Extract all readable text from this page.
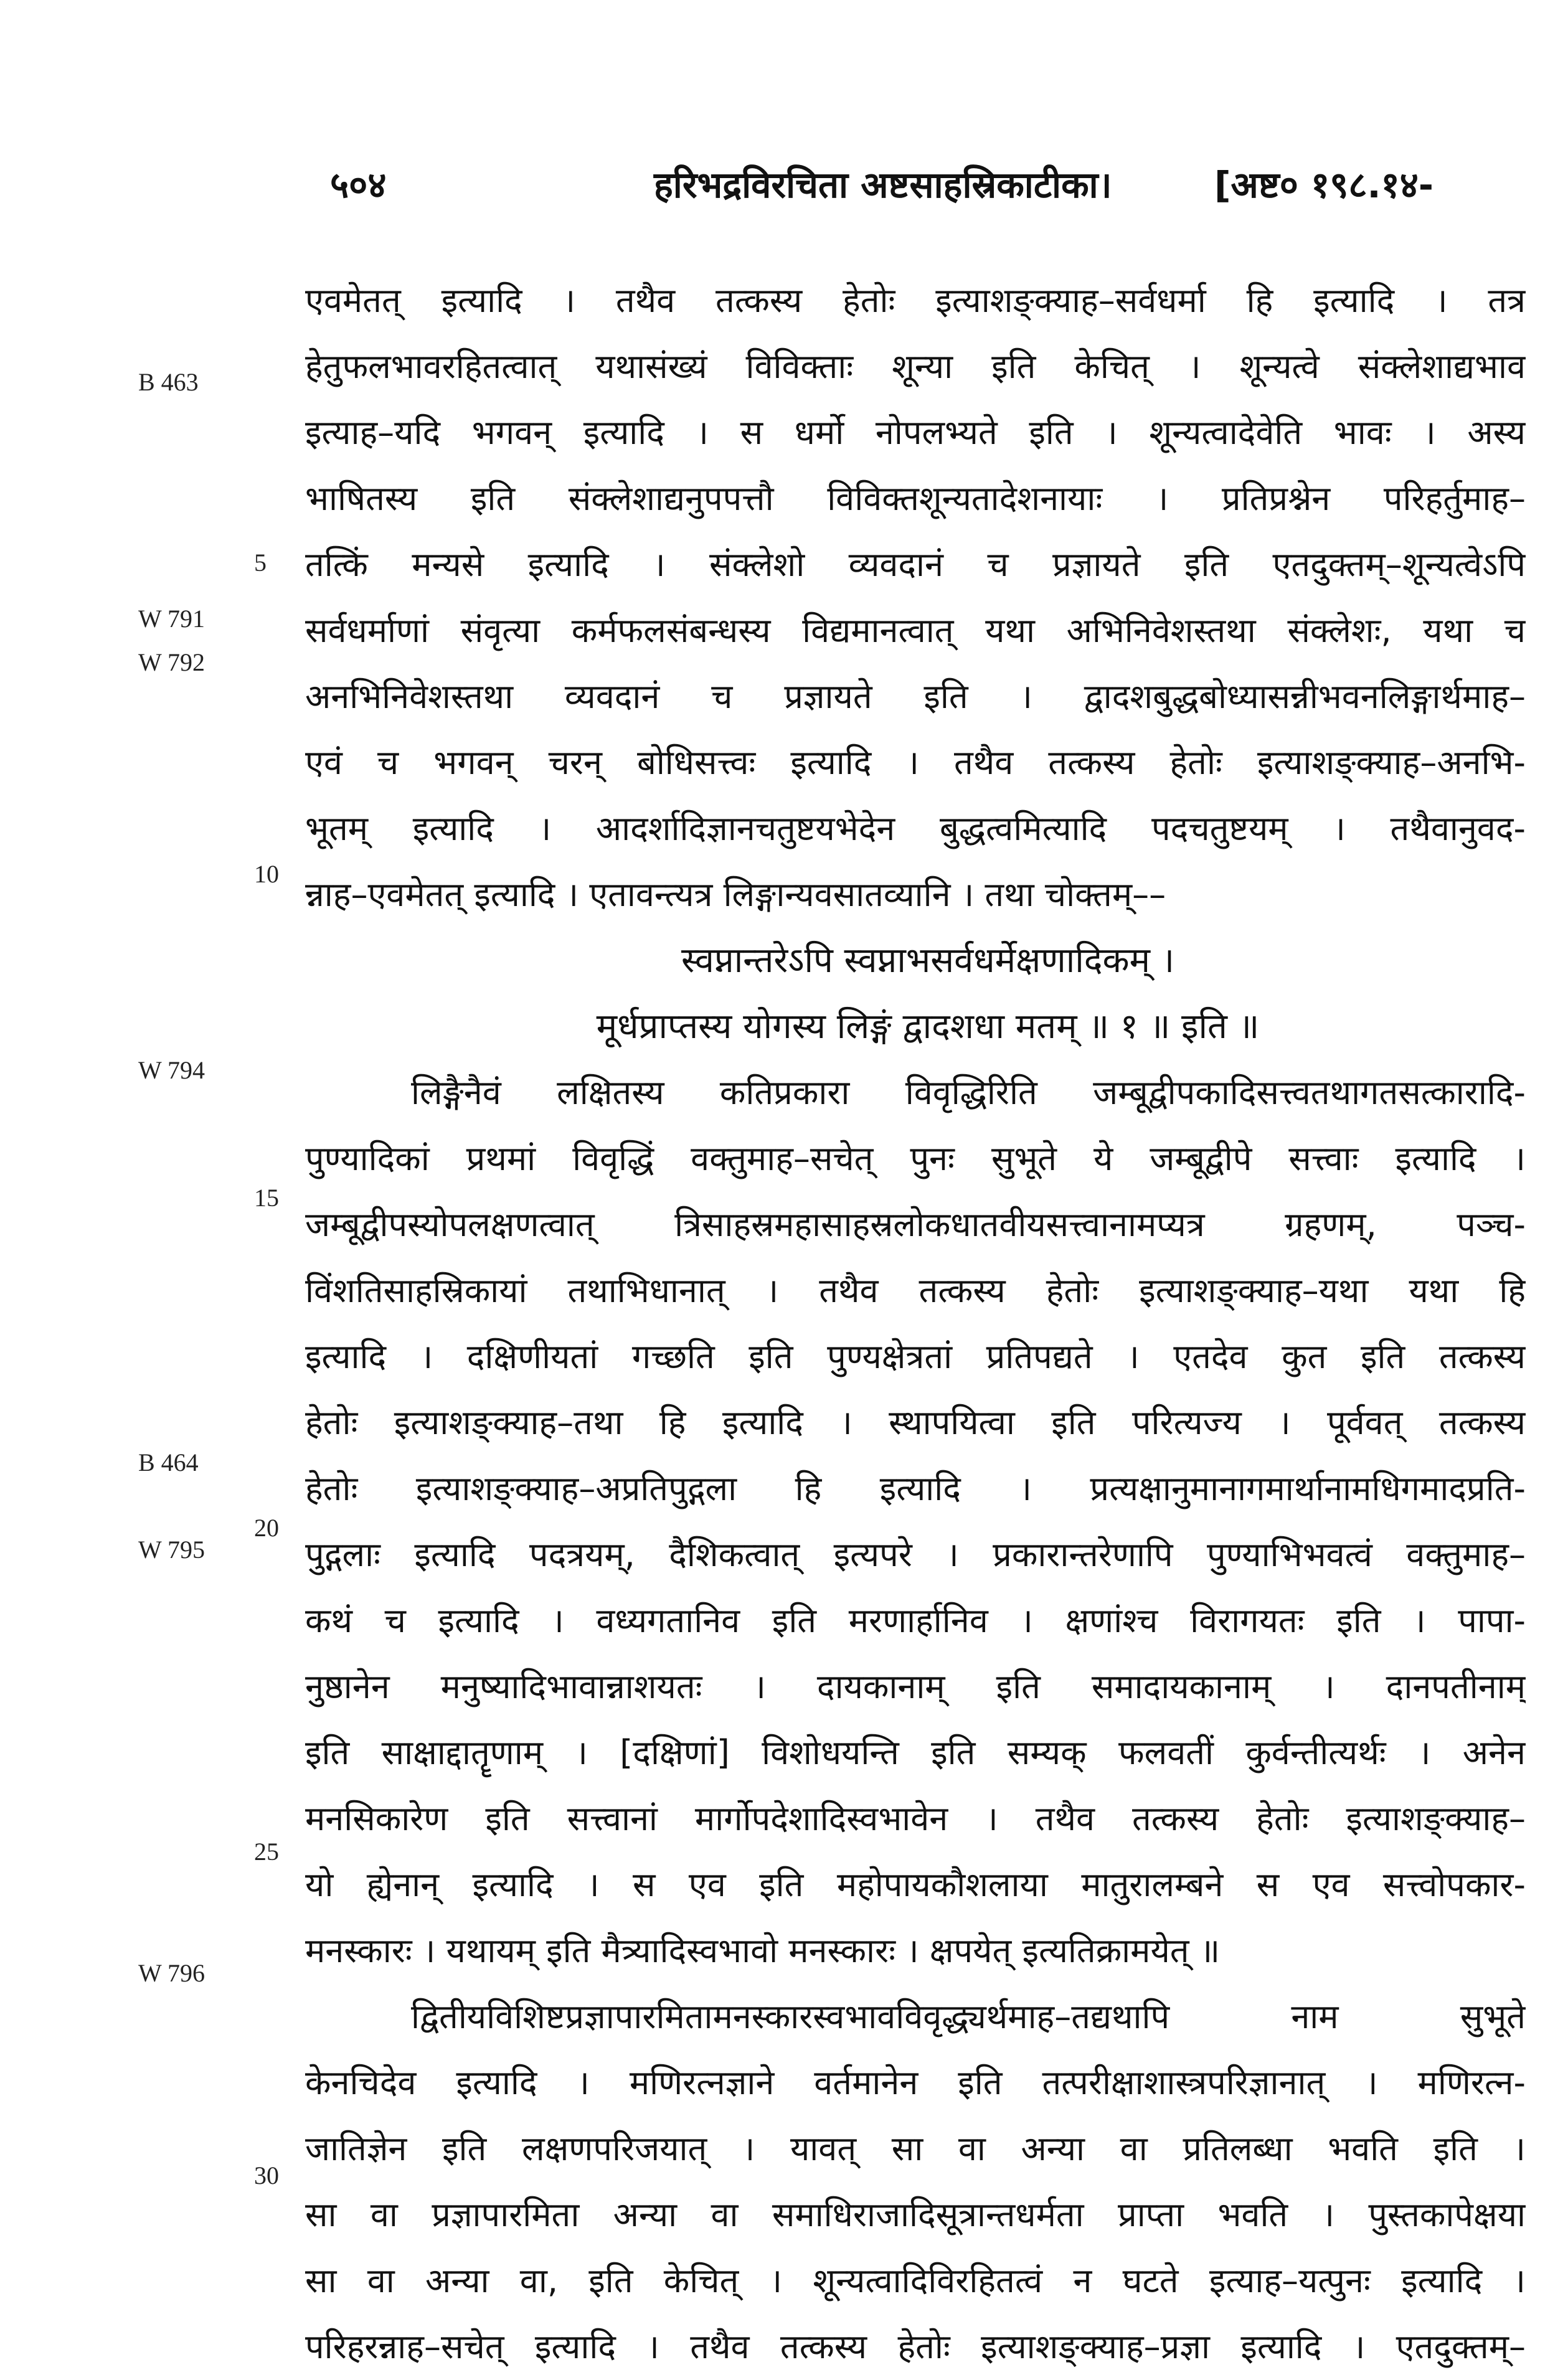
५०४	हरिभद्रविरचिता अष्टसाहस्रिकाटीका।	[अष्ट० १९८.१४-
B 463
W 791
W 792
W 794
B 464
W 795
W 796
5
10
15
20
25
30
एवमेतत् इत्यादि । तथैव तत्कस्य हेतोः इत्याशङ्क्याह–सर्वधर्मा हि इत्यादि । तत्र
हेतुफलभावरहितत्वात् यथासंख्यं विविक्ताः शून्या इति केचित् । शून्यत्वे संक्लेशाद्यभाव
इत्याह–यदि भगवन् इत्यादि । स धर्मो नोपलभ्यते इति । शून्यत्वादेवेति भावः । अस्य
भाषितस्य इति संक्लेशाद्यनुपपत्तौ विविक्तशून्यतादेशनायाः । प्रतिप्रश्नेन परिहर्तुमाह–
तत्किं मन्यसे इत्यादि । संक्लेशो व्यवदानं च प्रज्ञायते इति एतदुक्तम्–शून्यत्वेऽपि
सर्वधर्माणां संवृत्या कर्मफलसंबन्धस्य विद्यमानत्वात् यथा अभिनिवेशस्तथा संक्लेशः, यथा च
अनभिनिवेशस्तथा व्यवदानं च प्रज्ञायते इति । द्वादशबुद्धबोध्यासन्नीभवनलिङ्गार्थमाह–
एवं च भगवन् चरन् बोधिसत्त्वः इत्यादि । तथैव तत्कस्य हेतोः इत्याशङ्क्याह–अनभि-
भूतम् इत्यादि । आदर्शादिज्ञानचतुष्टयभेदेन बुद्धत्वमित्यादि पदचतुष्टयम् । तथैवानुवद-
न्नाह–एवमेतत् इत्यादि । एतावन्त्यत्र लिङ्गान्यवसातव्यानि । तथा चोक्तम्––
स्वप्नान्तरेऽपि स्वप्नाभसर्वधर्मेक्षणादिकम् ।
मूर्धप्राप्तस्य योगस्य लिङ्गं द्वादशधा मतम् ॥ १ ॥ इति ॥
लिङ्गैनैवं लक्षितस्य कतिप्रकारा विवृद्धिरिति जम्बूद्वीपकादिसत्त्वतथागतसत्कारादि-
पुण्यादिकां प्रथमां विवृद्धिं वक्तुमाह–सचेत् पुनः सुभूते ये जम्बूद्वीपे सत्त्वाः इत्यादि ।
जम्बूद्वीपस्योपलक्षणत्वात् त्रिसाहस्रमहासाहस्रलोकधातवीयसत्त्वानामप्यत्र ग्रहणम्, पञ्च-
विंशतिसाहस्रिकायां तथाभिधानात् । तथैव तत्कस्य हेतोः इत्याशङ्क्याह–यथा यथा हि
इत्यादि । दक्षिणीयतां गच्छति इति पुण्यक्षेत्रतां प्रतिपद्यते । एतदेव कुत इति तत्कस्य
हेतोः इत्याशङ्क्याह–तथा हि इत्यादि । स्थापयित्वा इति परित्यज्य । पूर्ववत् तत्कस्य
हेतोः इत्याशङ्क्याह–अप्रतिपुद्गला हि इत्यादि । प्रत्यक्षानुमानागमार्थानामधिगमादप्रति-
पुद्गलाः इत्यादि पदत्रयम्, दैशिकत्वात् इत्यपरे । प्रकारान्तरेणापि पुण्याभिभवत्वं वक्तुमाह–
कथं च इत्यादि । वध्यगतानिव इति मरणार्हानिव । क्षणांश्च विरागयतः इति । पापा-
नुष्ठानेन मनुष्यादिभावान्नाशयतः । दायकानाम् इति समादायकानाम् । दानपतीनाम्
इति साक्षाद्दातॄणाम् । [दक्षिणां] विशोधयन्ति इति सम्यक् फलवतीं कुर्वन्तीत्यर्थः । अनेन
मनसिकारेण इति सत्त्वानां मार्गोपदेशादिस्वभावेन । तथैव तत्कस्य हेतोः इत्याशङ्क्याह–
यो ह्येनान् इत्यादि । स एव इति महोपायकौशलाया मातुरालम्बने स एव सत्त्वोपकार-
मनस्कारः । यथायम् इति मैत्र्यादिस्वभावो मनस्कारः । क्षपयेत् इत्यतिक्रामयेत् ॥
द्वितीयविशिष्टप्रज्ञापारमितामनस्कारस्वभावविवृद्ध्यर्थमाह–तद्यथापि नाम सुभूते
केनचिदेव इत्यादि । मणिरत्नज्ञाने वर्तमानेन इति तत्परीक्षाशास्त्रपरिज्ञानात् । मणिरत्न-
जातिज्ञेन इति लक्षणपरिजयात् । यावत् सा वा अन्या वा प्रतिलब्धा भवति इति ।
सा वा प्रज्ञापारमिता अन्या वा समाधिराजादिसूत्रान्तधर्मता प्राप्ता भवति । पुस्तकापेक्षया
सा वा अन्या वा, इति केचित् । शून्यत्वादिविरहितत्वं न घटते इत्याह–यत्पुनः इत्यादि ।
परिहरन्नाह–सचेत् इत्यादि । तथैव तत्कस्य हेतोः इत्याशङ्क्याह–प्रज्ञा इत्यादि । एतदुक्तम्–
